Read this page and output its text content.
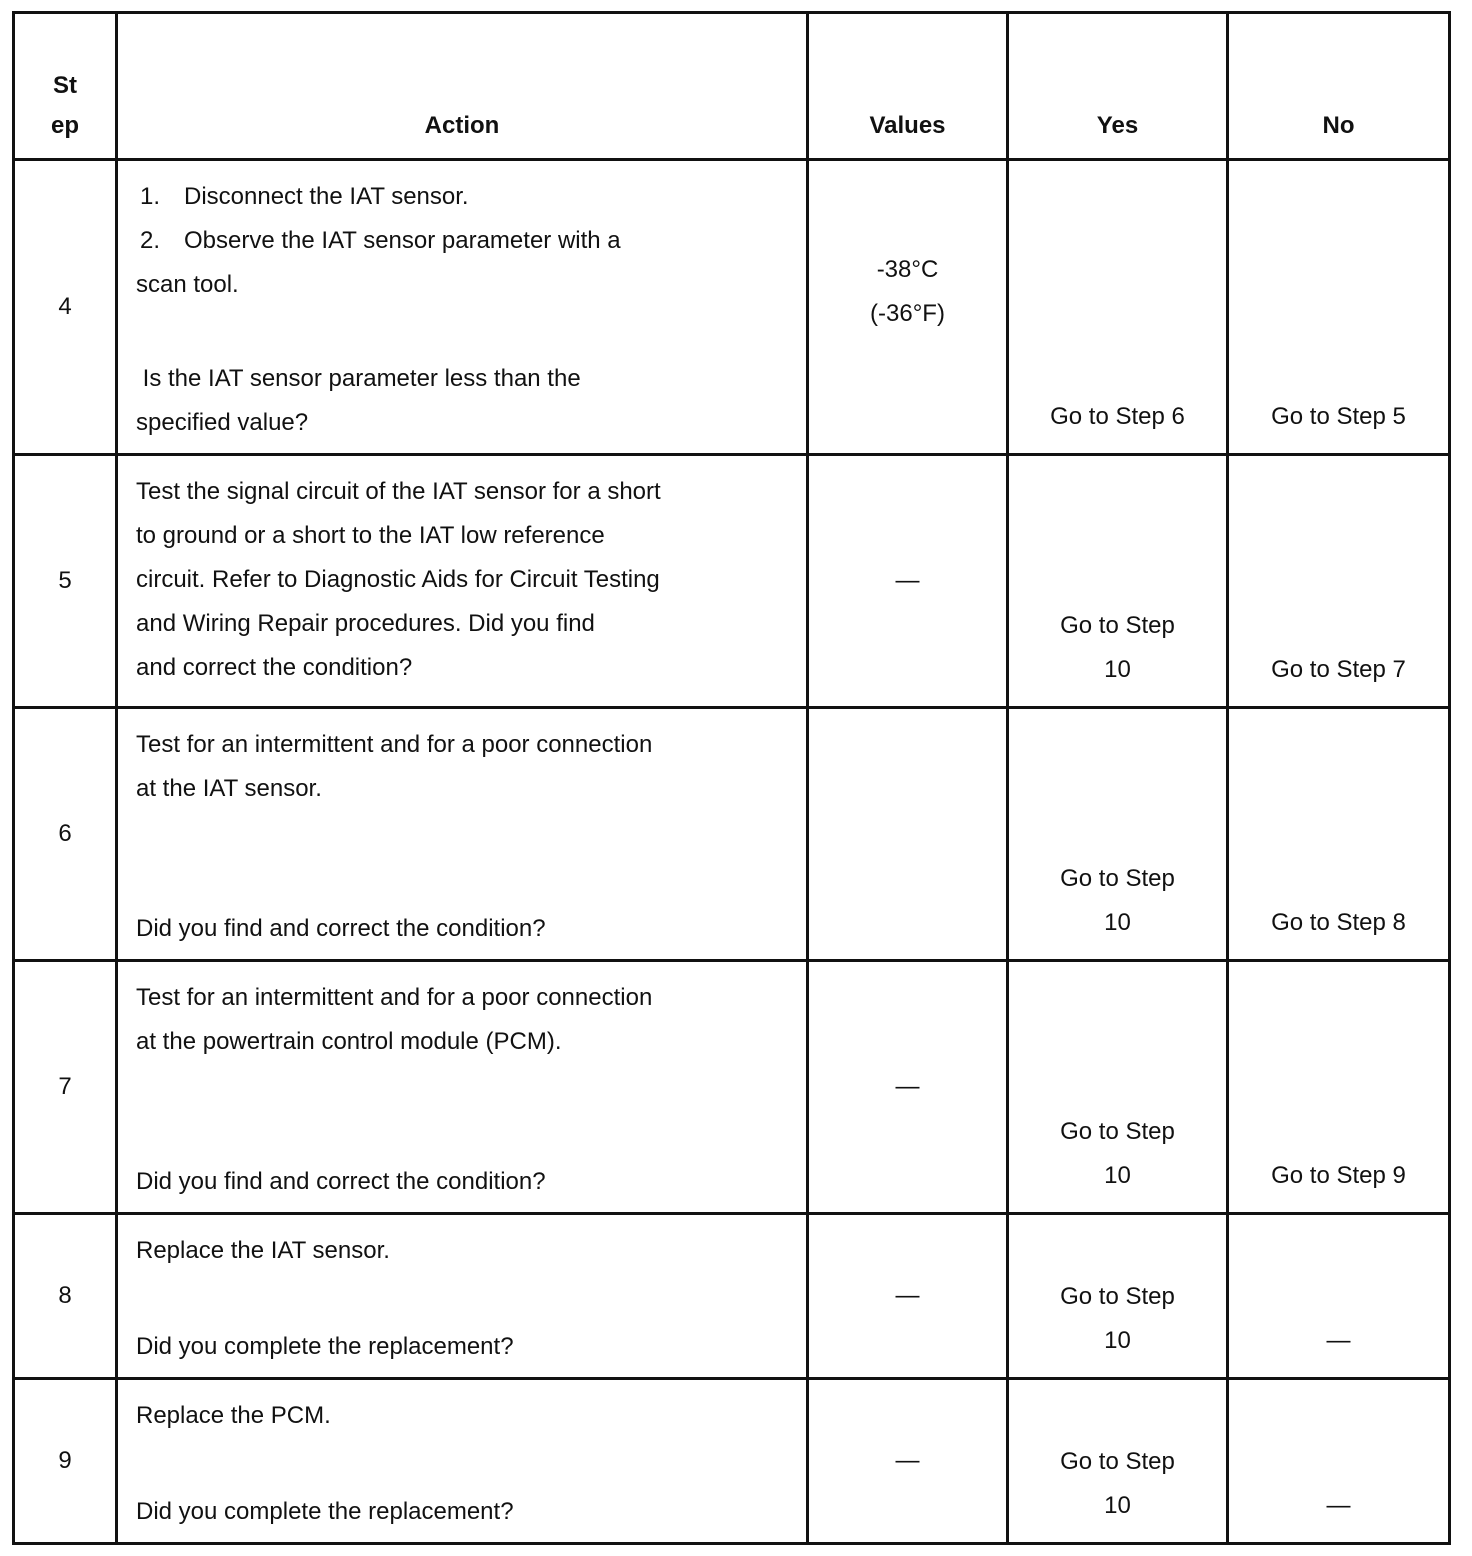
St
ep	Action	Values	Yes	No
4	1. Disconnect the IAT sensor.
2. Observe the IAT sensor parameter with a
scan tool.
Is the IAT sensor parameter less than the
specified value?	-38°C
(-36°F)	Go to Step 6	Go to Step 5

5	Test the signal circuit of the IAT sensor for a short
to ground or a short to the IAT low reference
circuit. Refer to Diagnostic Aids for Circuit Testing
and Wiring Repair procedures. Did you find
and correct the condition?	—	Go to Step
10	Go to Step 7

6	Test for an intermittent and for a poor connection
at the IAT sensor.
Did you find and correct the condition?		Go to Step
10	Go to Step 8

7	Test for an intermittent and for a poor connection
at the powertrain control module (PCM).
Did you find and correct the condition?	—	Go to Step
10	Go to Step 9

8	Replace the IAT sensor.
Did you complete the replacement?	—	Go to Step
10	—

9	Replace the PCM.
Did you complete the replacement?	—	Go to Step
10	—
